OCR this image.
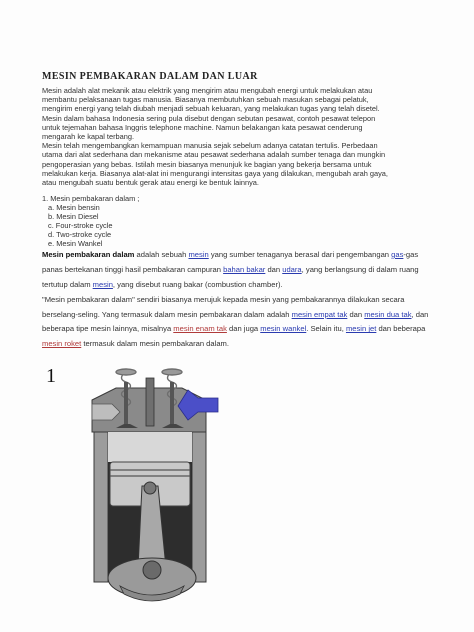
MESIN PEMBAKARAN DALAM DAN LUAR

Mesin adalah alat mekanik atau elektrik yang mengirim atau mengubah energi untuk melakukan atau

membantu pelaksanaan tugas manusia. Biasanya membutuhkan sebuah masukan sebagai pelatuk,

mengirim energi yang telah diubah menjadi sebuah keluaran, yang melakukan tugas yang telah disetel.

Mesin dalam bahasa Indonesia sering pula disebut dengan sebutan pesawat, contoh pesawat telepon

untuk tejemahan bahasa Inggris telephone machine. Namun belakangan kata pesawat cenderung

mengarah ke kapal terbang.

Mesin telah mengembangkan kemampuan manusia sejak sebelum adanya catatan tertulis. Perbedaan

utama dari alat sederhana dan mekanisme atau pesawat sederhana adalah sumber tenaga dan mungkin

pengoperasian yang bebas. Istilah mesin biasanya menunjuk ke bagian yang bekerja bersama untuk

melakukan kerja. Biasanya alat-alat ini mengurangi intensitas gaya yang dilakukan, mengubah arah gaya,

atau mengubah suatu bentuk gerak atau energi ke bentuk lainnya.

1. Mesin pembakaran dalam ;
a. Mesin bensin
b. Mesin Diesel
c. Four-stroke cycle
d. Two-stroke cycle
e. Mesin Wankel
Mesin pembakaran dalam adalah sebuah mesin yang sumber tenaganya berasal dari pengembangan gas-gas panas bertekanan tinggi hasil pembakaran campuran bahan bakar dan udara, yang berlangsung di dalam ruang tertutup dalam mesin, yang disebut ruang bakar (combustion chamber).
"Mesin pembakaran dalam" sendiri biasanya merujuk kepada mesin yang pembakarannya dilakukan secara berselang-seling. Yang termasuk dalam mesin pembakaran dalam adalah mesin empat tak dan mesin dua tak, dan beberapa tipe mesin lainnya, misalnya mesin enam tak dan juga mesin wankel. Selain itu, mesin jet dan beberapa mesin roket termasuk dalam mesin pembakaran dalam.
1
